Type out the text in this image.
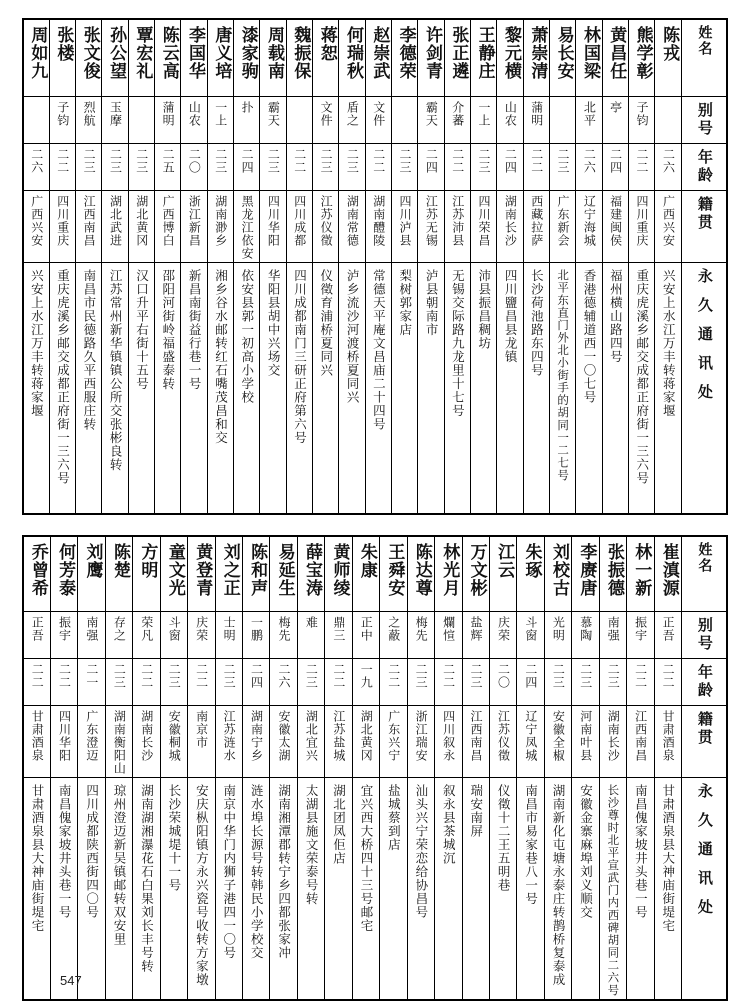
周如九	张楼	张文俊	孙公望	覃宏礼	陈云高	李国华	唐义培	漆家驹	周载南	魏振保	蒋恕	何瑞秋	赵崇武	李德荣	许剑青	张正遴	王静庄	黎元横	萧崇清	易长安	林国梁	黄昌任	熊学彰	陈戎	姓名

	子钧	烈航	玉摩		蒲明	山农	一上	扑	霸天		文件	盾之	文件		霸天	介蕃	一上	山农	蒲明		北平	亭	子钧		别号

二六	二二	二三	二三	二三	二五	二〇	二三	二四	二三	二二	二三	二三	二二	二三	二四	二二	二三	二四	二二	二三	二六	二四	二二	二六	年龄

广西兴安	四川重庆	江西南昌	湖北武进	湖北黄冈	广西博白	浙江新昌	湖南渺乡	黑龙江依安	四川华阳	四川成都	江苏仪徵	湖南常德	湖南醴陵	四川泸县	江苏无锡	江苏沛县	四川荣昌	湖南长沙	西藏拉萨	广东新会	辽宁海城	福建闽侯	四川重庆	广西兴安	籍贯

兴安上水江万丰转蒋家堰	重庆虎溪乡邮交成都正府街一三六号	南昌市民德路久平西服庄转	江苏常州新华镇镇公所交张彬良转	汉口升平右街十五号	邵阳河街岭福盛泰转	新昌南街益行巷一号	湘乡谷水邮转红石嘴茂昌和交	依安县郭一初高小学校	华阳县胡中兴场交	四川成都南门三研正府第六号	仪徵育浦桥夏同兴	泸乡流沙河渡桥夏同兴	常德天平庵文昌庙二十四号	梨树郭家店	泸县朝南市	无锡交际路九龙里十七号	沛县振昌稠坊	四川鹽昌县龙镇	长沙荷池路东四号	北平东直门外北小街手的胡同一二七号	香港德辅道西一〇七号	福州横山路四号	重庆虎溪乡邮交成都正府街一三六号	兴安上水江万丰转蒋家堰	永久通讯处
乔曾希	何芳泰	刘鹰	陈楚	方明	童文光	黄登青	刘之正	陈和声	易延生	薛宝涛	黄师绫	朱康	王舜安	陈达尊	林光月	万文彬	江云	朱琢	刘校古	李赓唐	张振德	林一新	崔滇源	姓名

正吾	振宇	南强	存之	荣凡	斗窗	庆荣	士明	一鹏	梅先	难	鼎三	正中	之蔽	梅先	爛愃	盐辉	庆荣	斗窗	光明	慕陶	南强	振宇	正吾	别号

二二	二二	二一	二三	二二	二三	二二	二三	二四	二六	二三	二二	一九	二二	二三	二二	二三	二〇	二四	二三	二三	二三	二二	二二	年龄

甘肃酒泉	四川华阳	广东澄迈	湖南衡阳山	湖南长沙	安徽桐城	南京市	江苏涟水	湖南宁乡	安徽太湖	湖北宜兴	江苏盐城	湖北黄冈	广东兴宁	浙江瑞安	四川叙永	江西南昌	江苏仪徵	辽宁凤城	安徽全椒	河南叶县	湖南长沙	江西南昌	甘肃酒泉	籍贯

甘肃酒泉县大神庙街堤宅	南昌傀家坡井头巷一号	四川成都陕西街四〇号	琼州澄迈新吴镇邮转双安里	湖南湖湘瀑花石白果刘长丰号转	长沙荣城堤十一号	安庆枞阳镇方永兴瓷号收转方家墩	南京中华门内狮子港四一〇号	涟水埠长源号转韩民小学校交	湖南湘潭郡转宁乡四都张家冲	太湖县施文荣泰号转	湖北团凤佢店	宜兴西大桥四十三号邮宅	盐城蔡到店	汕头兴宁荣恋给协昌号	叙永县茶城沉	瑞安南屏	仪徵十二王五明巷	南昌市易家巷八一号	湖南新化屯塘永泰庄转鹊桥复泰成	安徽金寨麻埠刘义顺交	长沙尊时北平宣武门内西碑胡同二六号	南昌傀家坡井头巷一号	甘肃酒泉县大神庙街堤宅	永久通讯处
547
